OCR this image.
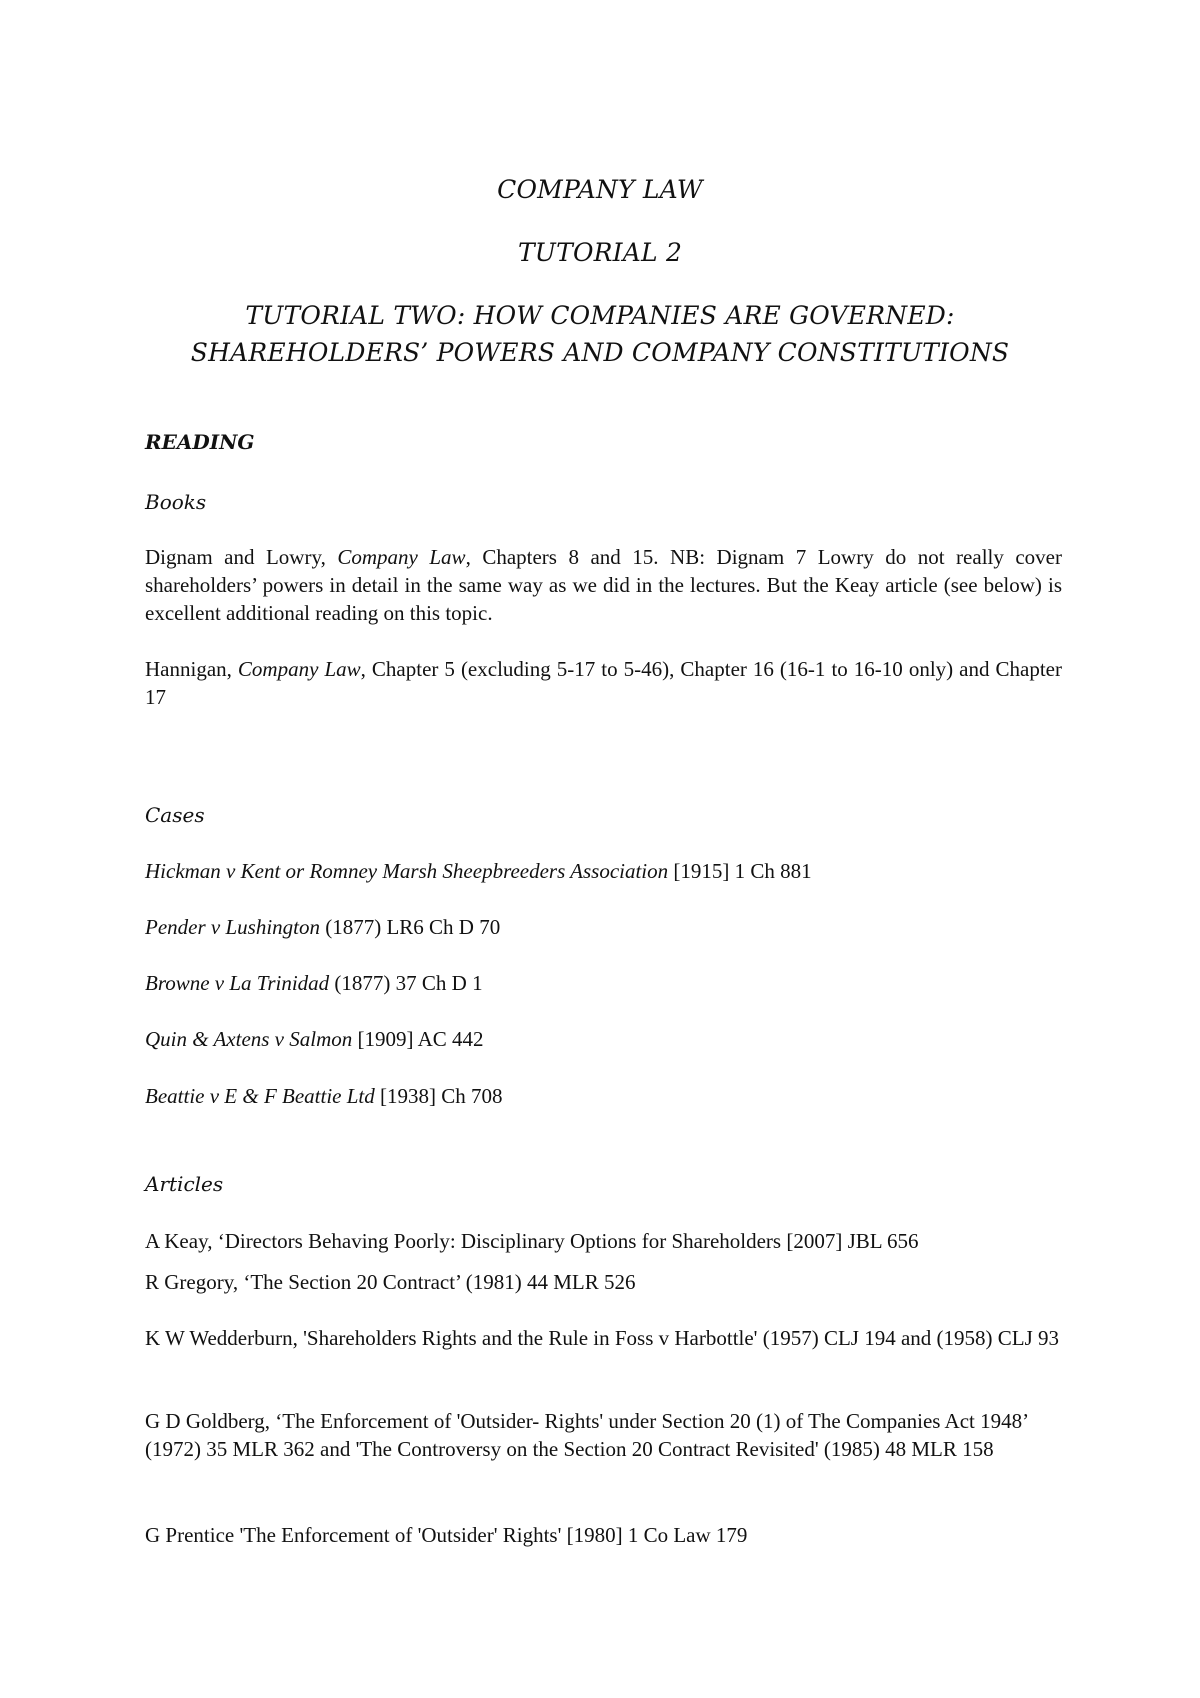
COMPANY LAW
TUTORIAL 2
TUTORIAL TWO: HOW COMPANIES ARE GOVERNED:
SHAREHOLDERS’ POWERS AND COMPANY CONSTITUTIONS
READING
Books
Dignam and Lowry, Company Law, Chapters 8 and 15. NB: Dignam 7 Lowry do not really cover shareholders’ powers in detail in the same way as we did in the lectures. But the Keay article (see below) is excellent additional reading on this topic.
Hannigan, Company Law, Chapter 5 (excluding 5-17 to 5-46), Chapter 16 (16-1 to 16-10 only) and Chapter 17
Cases
Hickman v Kent or Romney Marsh Sheepbreeders Association [1915] 1 Ch 881
Pender v Lushington (1877) LR6 Ch D 70
Browne v La Trinidad (1877) 37 Ch D 1
Quin & Axtens v Salmon [1909] AC 442
Beattie v E & F Beattie Ltd [1938] Ch 708
Articles
A Keay, ‘Directors Behaving Poorly: Disciplinary Options for Shareholders [2007] JBL 656
R Gregory, ‘The Section 20 Contract’ (1981) 44 MLR 526
K W Wedderburn, 'Shareholders Rights and the Rule in Foss v Harbottle' (1957) CLJ 194 and (1958) CLJ 93
G D Goldberg, ‘The Enforcement of 'Outsider- Rights' under Section 20 (1) of The Companies Act 1948’ (1972) 35 MLR 362 and 'The Controversy on the Section 20 Contract Revisited' (1985) 48 MLR 158
G Prentice 'The Enforcement of 'Outsider' Rights' [1980] 1 Co Law 179
